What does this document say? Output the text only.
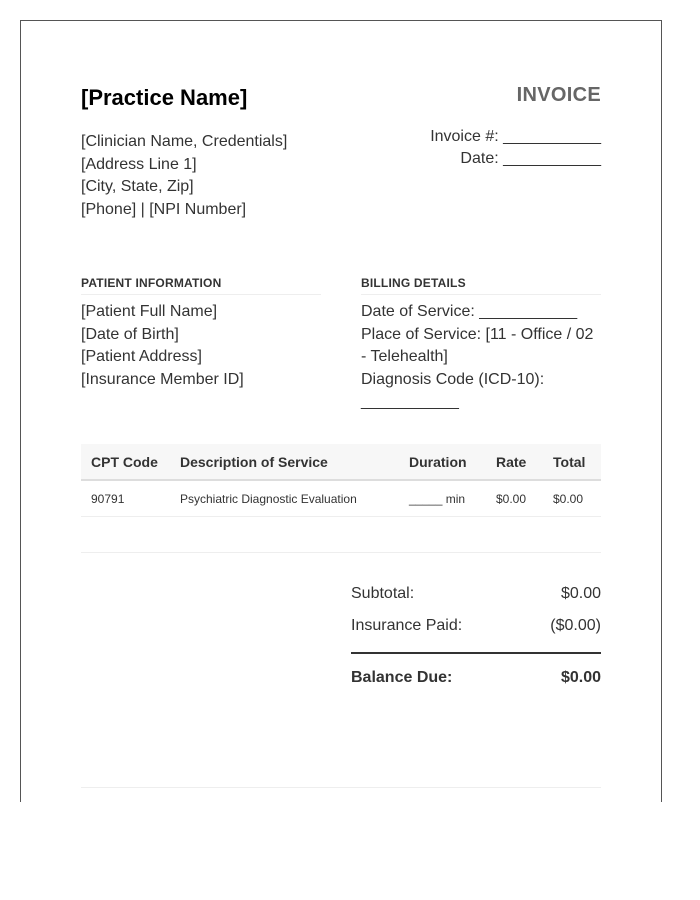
[Practice Name]	INVOICE
[Clinician Name, Credentials]
[Address Line 1]
[City, State, Zip]
[Phone] | [NPI Number]
Invoice #: ___________
Date: ___________
PATIENT INFORMATION
[Patient Full Name]
[Date of Birth]
[Patient Address]
[Insurance Member ID]
BILLING DETAILS
Date of Service: ___________
Place of Service: [11 - Office / 02 - Telehealth]
Diagnosis Code (ICD-10): ___________
CPT Code	Description of Service	Duration	Rate	Total
90791	Psychiatric Diagnostic Evaluation	_____ min	$0.00	$0.00
Subtotal:	$0.00
Insurance Paid:	($0.00)
Balance Due:	$0.00
